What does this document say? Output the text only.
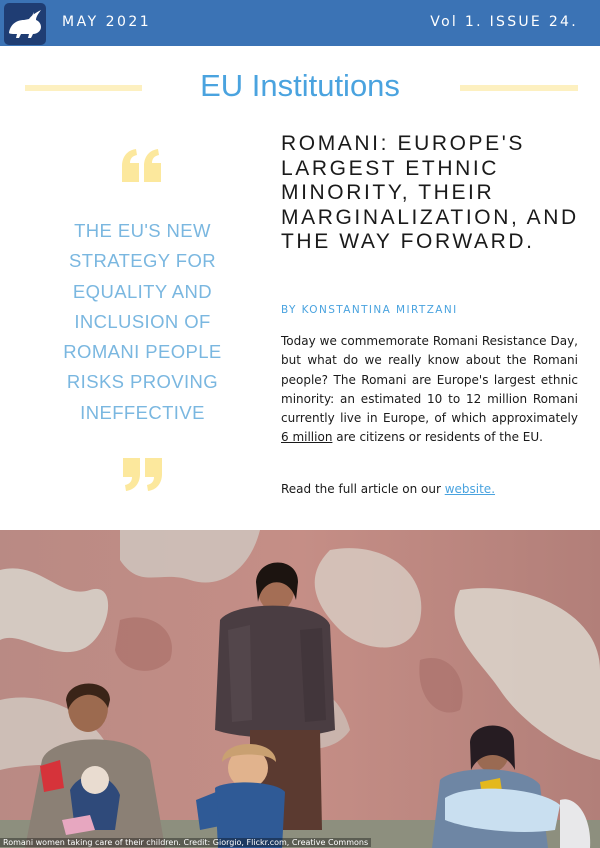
MAY 2021	Vol 1. ISSUE 24.
EU Institutions

THE EU'S NEW STRATEGY FOR EQUALITY AND INCLUSION OF ROMANI PEOPLE RISKS PROVING INEFFECTIVE

ROMANI: EUROPE'S LARGEST ETHNIC MINORITY, THEIR MARGINALIZATION, AND THE WAY FORWARD.

BY KONSTANTINA MIRTZANI

Today we commemorate Romani Resistance Day, but what do we really know about the Romani people? The Romani are Europe's largest ethnic minority: an estimated 10 to 12 million Romani currently live in Europe, of which approximately 6 million are citizens or residents of the EU.

Read the full article on our website.

Romani women taking care of their children. Credit: Giorgio, Flickr.com, Creative Commons
